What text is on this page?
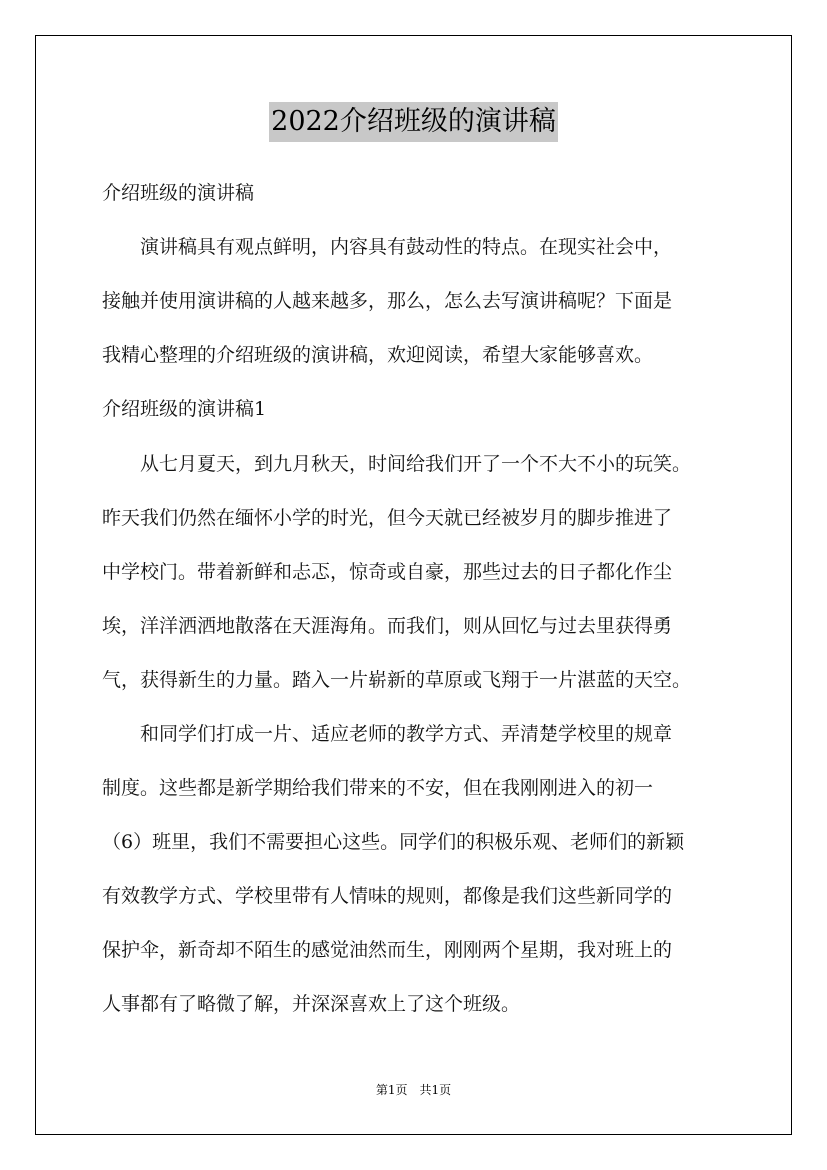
2022介绍班级的演讲稿
介绍班级的演讲稿
　　演讲稿具有观点鲜明，内容具有鼓动性的特点。在现实社会中，
接触并使用演讲稿的人越来越多，那么，怎么去写演讲稿呢？下面是
我精心整理的介绍班级的演讲稿，欢迎阅读，希望大家能够喜欢。
介绍班级的演讲稿1
　　从七月夏天，到九月秋天，时间给我们开了一个不大不小的玩笑。
昨天我们仍然在缅怀小学的时光，但今天就已经被岁月的脚步推进了
中学校门。带着新鲜和忐忑，惊奇或自豪，那些过去的日子都化作尘
埃，洋洋洒洒地散落在天涯海角。而我们，则从回忆与过去里获得勇
气，获得新生的力量。踏入一片崭新的草原或飞翔于一片湛蓝的天空。
　　和同学们打成一片、适应老师的教学方式、弄清楚学校里的规章
制度。这些都是新学期给我们带来的不安，但在我刚刚进入的初一
（6）班里，我们不需要担心这些。同学们的积极乐观、老师们的新颖
有效教学方式、学校里带有人情味的规则，都像是我们这些新同学的
保护伞，新奇却不陌生的感觉油然而生，刚刚两个星期，我对班上的
人事都有了略微了解，并深深喜欢上了这个班级。
第1页　共1页
